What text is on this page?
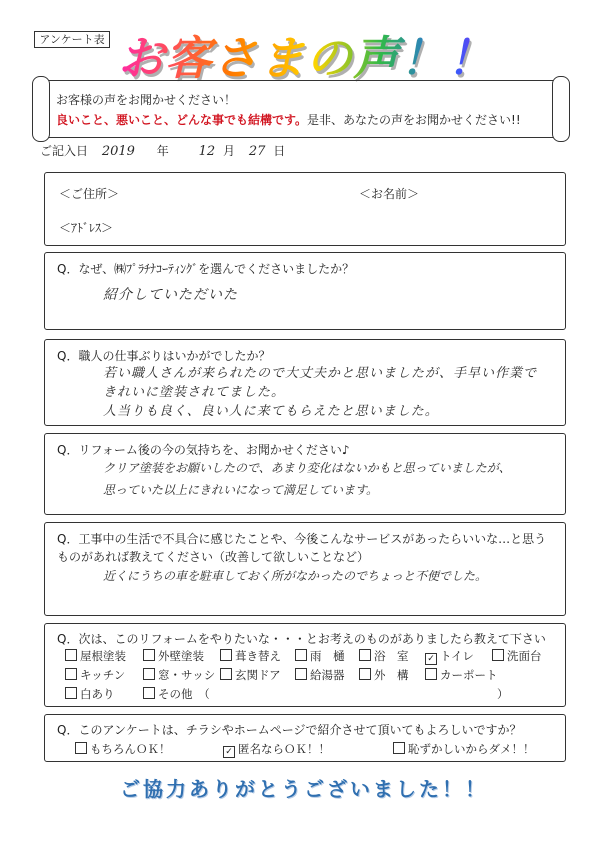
アンケート表 お客さまの声！！
お客様の声をお聞かせください！
良いこと、悪いこと、どんな事でも結構です。是非、あなたの声をお聞かせください!!
ご記入日 2019 年 12 月 27 日
＜ご住所＞	＜お名前＞
＜ｱﾄﾞﾚｽ＞
Q．なぜ、㈱ﾌﾟﾗﾁﾅｺｰﾃｨﾝｸﾞを選んでくださいましたか？
紹介していただいた
Q．職人の仕事ぶりはいかがでしたか？
若い職人さんが来られたので大丈夫かと思いましたが、手早い作業で
きれいに塗装されてました。
人当りも良く、良い人に来てもらえたと思いました。
Q．リフォーム後の今の気持ちを、お聞かせください♪
クリア塗装をお願いしたので、あまり変化はないかもと思っていましたが、
思っていた以上にきれいになって満足しています。
Q．工事中の生活で不具合に感じたことや、今後こんなサービスがあったらいいな…と思う
ものがあれば教えてください（改善して欲しいことなど）
近くにうちの車を駐車しておく所がなかったのでちょっと不便でした。
Q．次は、このリフォームをやりたいな・・・とお考えのものがありましたら教えて下さい
屋根塗装	外壁塗装	葺き替え	雨　樋	浴　室 ✓ トイレ	洗面台
キッチン	窓・サッシ	玄関ドア	給湯器	外　構	カーポート
白あり	その他　（	）
Q．このアンケートは、チラシやホームページで紹介させて頂いてもよろしいですか？
もちろんＯＫ！	✓ 匿名ならＯＫ！！	恥ずかしいからダメ！！
ご協力ありがとうございました！！
